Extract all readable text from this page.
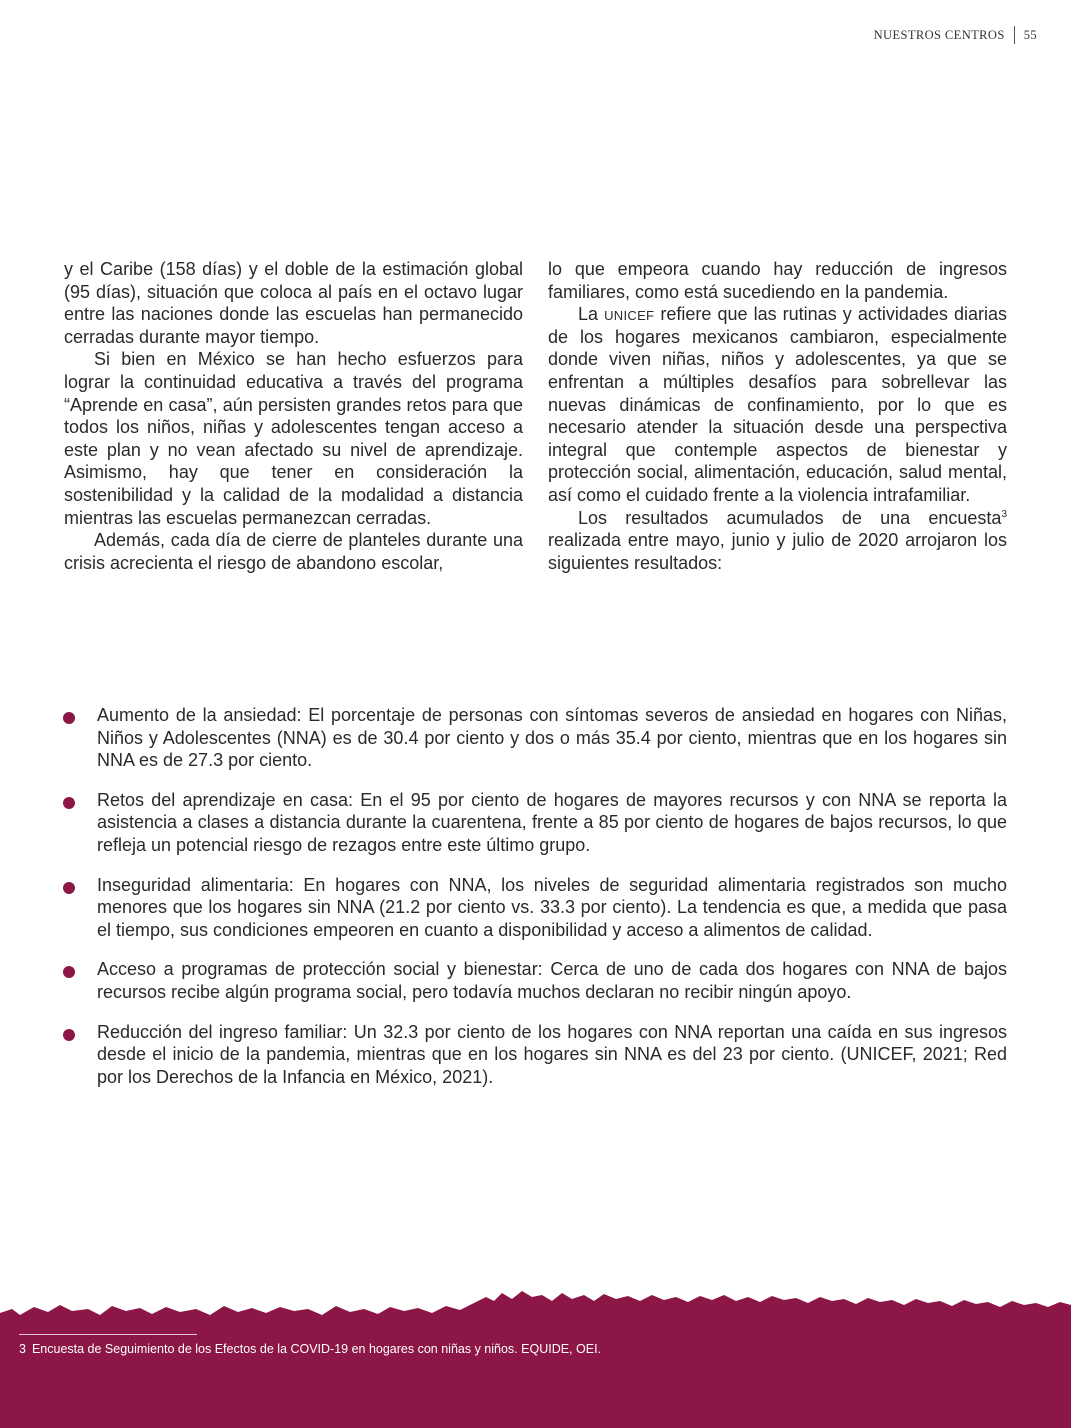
NUESTROS CENTROS 55

y el Caribe (158 días) y el doble de la estimación global (95 días), situación que coloca al país en el octavo lugar entre las naciones donde las escuelas han permanecido cerradas durante mayor tiempo.

Si bien en México se han hecho esfuerzos para lograr la continuidad educativa a través del programa “Aprende en casa”, aún persisten grandes retos para que todos los niños, niñas y adolescentes tengan acceso a este plan y no vean afectado su nivel de aprendizaje. Asimismo, hay que tener en consideración la sostenibilidad y la calidad de la modalidad a distancia mientras las escuelas permanezcan cerradas.

Además, cada día de cierre de planteles durante una crisis acrecienta el riesgo de abandono escolar,

lo que empeora cuando hay reducción de ingresos familiares, como está sucediendo en la pandemia.

La unicef refiere que las rutinas y actividades diarias de los hogares mexicanos cambiaron, especialmente donde viven niñas, niños y adolescentes, ya que se enfrentan a múltiples desafíos para sobrellevar las nuevas dinámicas de confinamiento, por lo que es necesario atender la situación desde una perspectiva integral que contemple aspectos de bienestar y protección social, alimentación, educación, salud mental, así como el cuidado frente a la violencia intrafamiliar.

Los resultados acumulados de una encuesta$^3$ realizada entre mayo, junio y julio de 2020 arrojaron los siguientes resultados:

Aumento de la ansiedad: El porcentaje de personas con síntomas severos de ansiedad en hogares con Niñas, Niños y Adolescentes (NNA) es de 30.4 por ciento y dos o más 35.4 por ciento, mientras que en los hogares sin NNA es de 27.3 por ciento.
Retos del aprendizaje en casa: En el 95 por ciento de hogares de mayores recursos y con NNA se reporta la asistencia a clases a distancia durante la cuarentena, frente a 85 por ciento de hogares de bajos recursos, lo que refleja un potencial riesgo de rezagos entre este último grupo.
Inseguridad alimentaria: En hogares con NNA, los niveles de seguridad alimentaria registrados son mucho menores que los hogares sin NNA (21.2 por ciento vs. 33.3 por ciento). La tendencia es que, a medida que pasa el tiempo, sus condiciones empeoren en cuanto a disponibilidad y acceso a alimentos de calidad.
Acceso a programas de protección social y bienestar: Cerca de uno de cada dos hogares con NNA de bajos recursos recibe algún programa social, pero todavía muchos declaran no recibir ningún apoyo.
Reducción del ingreso familiar: Un 32.3 por ciento de los hogares con NNA reportan una caída en sus ingresos desde el inicio de la pandemia, mientras que en los hogares sin NNA es del 23 por ciento. (UNICEF, 2021; Red por los Derechos de la Infancia en México, 2021).
3 Encuesta de Seguimiento de los Efectos de la COVID-19 en hogares con niñas y niños. EQUIDE, OEI.
